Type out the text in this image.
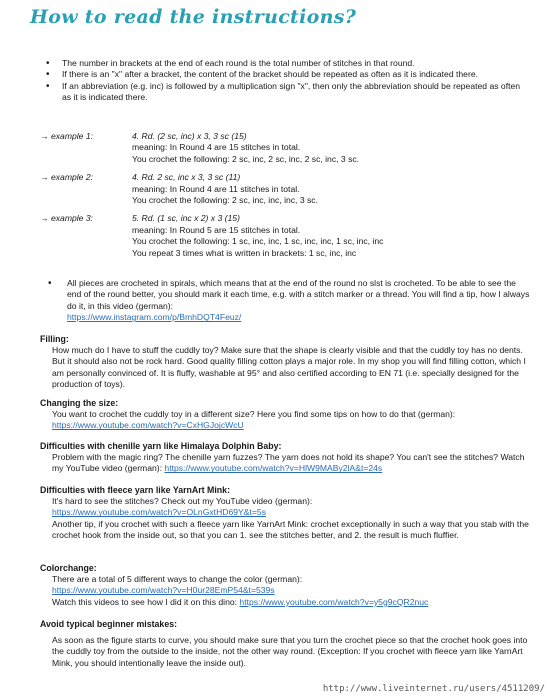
How to read the instructions?
• The number in brackets at the end of each round is the total number of stitches in that round.
• If there is an "x" after a bracket, the content of the bracket should be repeated as often as it is indicated there.
• If an abbreviation (e.g. inc) is followed by a multiplication sign "x", then only the abbreviation should be repeated as often as it is indicated there.
→ example 1:	4. Rd. (2 sc, inc) x 3, 3 sc (15)
meaning: In Round 4 are 15 stitches in total.
You crochet the following: 2 sc, inc, 2 sc, inc, 2 sc, inc, 3 sc.
→ example 2:	4. Rd. 2 sc, inc x 3, 3 sc (11)
meaning: In Round 4 are 11 stitches in total.
You crochet the following: 2 sc, inc, inc, inc, 3 sc.
→ example 3:	5. Rd. (1 sc, inc x 2) x 3 (15)
meaning: In Round 5 are 15 stitches in total.
You crochet the following: 1 sc, inc, inc, 1 sc, inc, inc, 1 sc, inc, inc
You repeat 3 times what is written in brackets: 1 sc, inc, inc
• All pieces are crocheted in spirals, which means that at the end of the round no slst is crocheted. To be able to see the end of the round better, you should mark it each time, e.g. with a stitch marker or a thread. You will find a tip, how I always do it, in this video (german):
https://www.instagram.com/p/BmhDQT4Feuz/
Filling:

How much do I have to stuff the cuddly toy? Make sure that the shape is clearly visible and that the cuddly toy has no dents. But it should also not be rock hard. Good quality filling cotton plays a major role. In my shop you will find filling cotton, which I am personally convinced of. It is fluffy, washable at 95° and also certified according to EN 71 (i.e. specially designed for the production of toys).

Changing the size:

You want to crochet the cuddly toy in a different size? Here you find some tips on how to do that (german):

https://www.youtube.com/watch?v=CxHGJojcWcU

Difficulties with chenille yarn like Himalaya Dolphin Baby:

Problem with the magic ring? The chenille yarn fuzzes? The yarn does not hold its shape? You can't see the stitches? Watch my YouTube video (german): https://www.youtube.com/watch?v=HlW9MABy2lA&t=24s

Difficulties with fleece yarn like YarnArt Mink:

It's hard to see the stitches? Check out my YouTube video (german):

https://www.youtube.com/watch?v=OLnGxtHD69Y&t=5s

Another tip, if you crochet with such a fleece yarn like YarnArt Mink: crochet exceptionally in such a way that you stab with the crochet hook from the inside out, so that you can 1. see the stitches better, and 2. the result is much fluffier.

Colorchange:

There are a total of 5 different ways to change the color (german):

https://www.youtube.com/watch?v=H0ur28EmP54&t=539s

Watch this videos to see how I did it on this dino: https://www.youtube.com/watch?v=y5g9cQR2nuc

Avoid typical beginner mistakes:

As soon as the figure starts to curve, you should make sure that you turn the crochet piece so that the crochet hook goes into the cuddly toy from the outside to the inside, not the other way round. (Exception: If you crochet with fleece yarn like YarnArt Mink, you should intentionally leave the inside out).

http://www.liveinternet.ru/users/4511209/
